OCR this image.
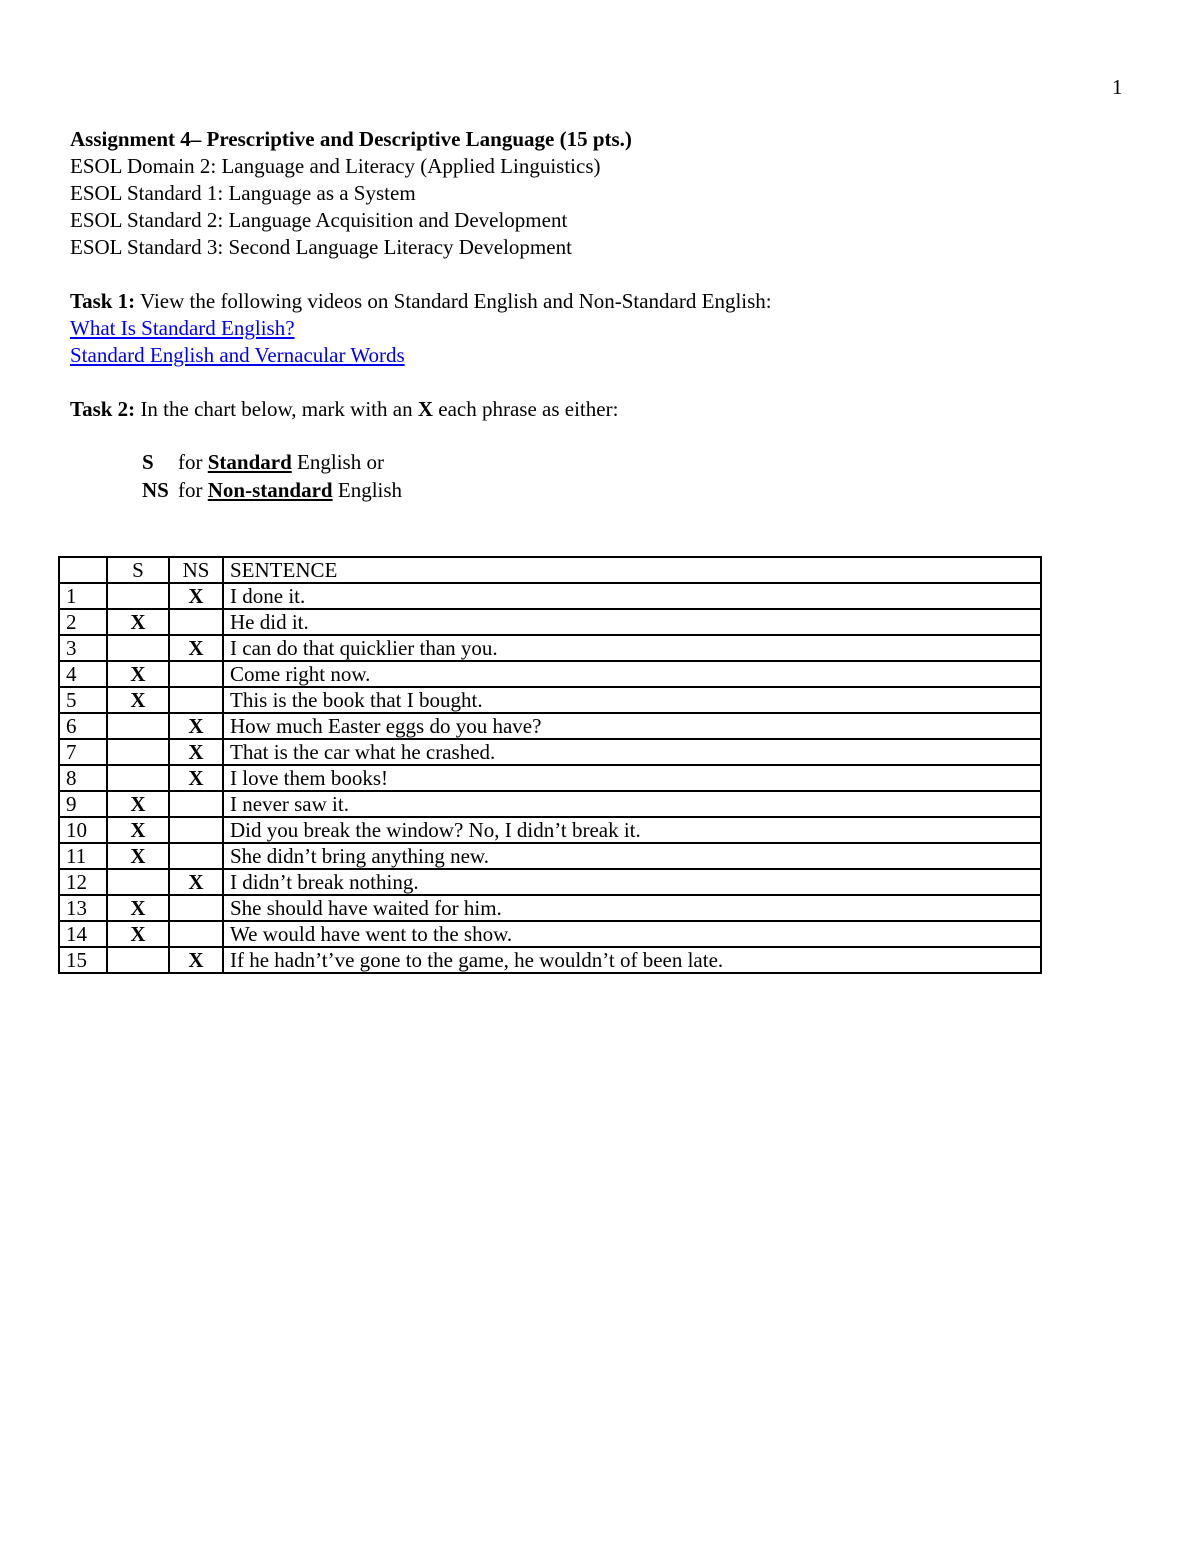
1
Assignment 4– Prescriptive and Descriptive Language (15 pts.)
ESOL Domain 2: Language and Literacy (Applied Linguistics)
ESOL Standard 1: Language as a System
ESOL Standard 2: Language Acquisition and Development
ESOL Standard 3: Second Language Literacy Development
Task 1: View the following videos on Standard English and Non-Standard English:
What Is Standard English?
Standard English and Vernacular Words
Task 2: In the chart below, mark with an X each phrase as either:
S for Standard English or
NS for Non-standard English
	S	NS	SENTENCE
1		X	I done it.
2	X		He did it.
3		X	I can do that quicklier than you.
4	X		Come right now.
5	X		This is the book that I bought.
6		X	How much Easter eggs do you have?
7		X	That is the car what he crashed.
8		X	I love them books!
9	X		I never saw it.
10	X		Did you break the window? No, I didn’t break it.
11	X		She didn’t bring anything new.
12		X	I didn’t break nothing.
13	X		She should have waited for him.
14	X		We would have went to the show.
15		X	If he hadn’t’ve gone to the game, he wouldn’t of been late.
